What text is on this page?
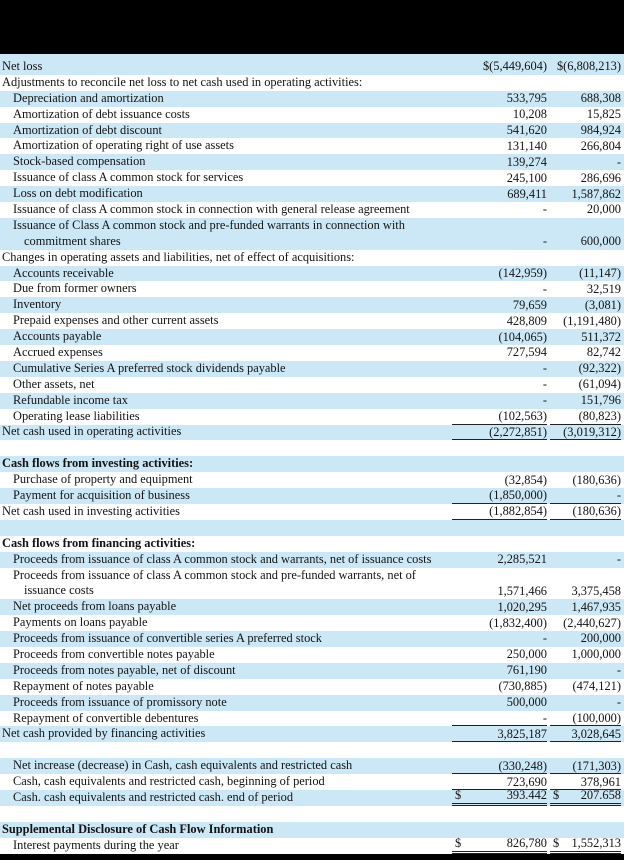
Net loss	$(5,449,604) $(6,808,213)
Adjustments to reconcile net loss to net cash used in operating activities:
Depreciation and amortization	533,795	688,308
Amortization of debt issuance costs	10,208	15,825
Amortization of debt discount	541,620	984,924
Amortization of operating right of use assets	131,140	266,804
Stock-based compensation	139,274	-
Issuance of class A common stock for services	245,100	286,696
Loss on debt modification	689,411	1,587,862
Issuance of class A common stock in connection with general release agreement	-	20,000
Issuance of Class A common stock and pre-funded warrants in connection with
commitment shares	-	600,000
Changes in operating assets and liabilities, net of effect of acquisitions:
Accounts receivable	(142,959)	(11,147)
Due from former owners	-	32,519
Inventory	79,659	(3,081)
Prepaid expenses and other current assets	428,809	(1,191,480)
Accounts payable	(104,065)	511,372
Accrued expenses	727,594	82,742
Cumulative Series A preferred stock dividends payable	-	(92,322)
Other assets, net	-	(61,094)
Refundable income tax	-	151,796
Operating lease liabilities	(102,563)	(80,823)
Net cash used in operating activities	(2,272,851)	(3,019,312)
Cash flows from investing activities:
Purchase of property and equipment	(32,854)	(180,636)
Payment for acquisition of business	(1,850,000)	-
Net cash used in investing activities	(1,882,854)	(180,636)
Cash flows from financing activities:
Proceeds from issuance of class A common stock and warrants, net of issuance costs	2,285,521	-
Proceeds from issuance of class A common stock and pre-funded warrants, net of
issuance costs	1,571,466	3,375,458
Net proceeds from loans payable	1,020,295	1,467,935
Payments on loans payable	(1,832,400)	(2,440,627)
Proceeds from issuance of convertible series A preferred stock	-	200,000
Proceeds from convertible notes payable	250,000	1,000,000
Proceeds from notes payable, net of discount	761,190	-
Repayment of notes payable	(730,885)	(474,121)
Proceeds from issuance of promissory note	500,000	-
Repayment of convertible debentures	-	(100,000)
Net cash provided by financing activities	3,825,187	3,028,645
Net increase (decrease) in Cash, cash equivalents and restricted cash	(330,248)	(171,303)
Cash, cash equivalents and restricted cash, beginning of period	723,690	378,961
Cash. cash equivalents and restricted cash. end of period	$	393.442 $ 207.658
Supplemental Disclosure of Cash Flow Information
Interest payments during the year	$	826,780 $ 1,552,313
